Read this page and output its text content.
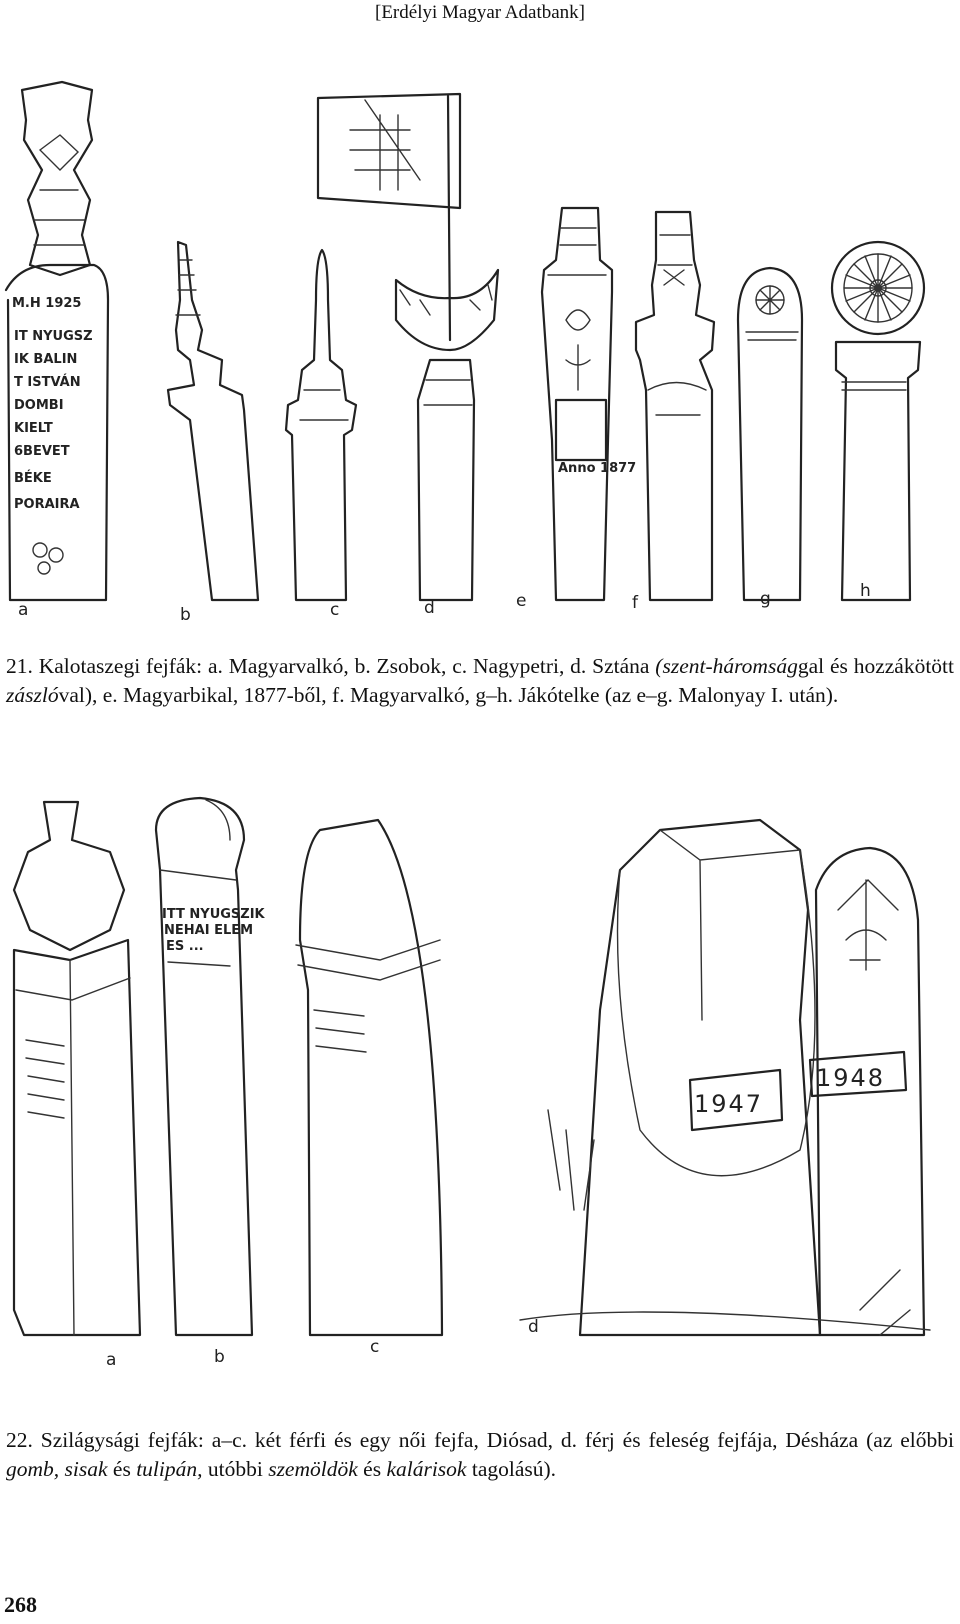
[Erdélyi Magyar Adatbank]
M.H 1925
IT NYUGSZ
IK BALIN
T ISTVÁN
DOMBI
KIELT
6BEVET
BÉKE
PORAIRA
a	b	c	d
Anno 1877
e	f	g	h
21. Kalotaszegi fejfák: a. Magyarvalkó, b. Zsobok, c. Nagypetri, d. Sztána (szent-háromsággal és hozzákötött zászlóval), e. Magyarbikal, 1877-ből, f. Magyarvalkó, g–h. Jákótelke (az e–g. Malonyay I. után).
a
ITT NYUGSZIK
NEHAI ELEM
ES ...
b	c
1947
1948
d
22. Szilágysági fejfák: a–c. két férfi és egy női fejfa, Diósad, d. férj és feleség fejfája, Désháza (az előbbi gomb, sisak és tulipán, utóbbi szemöldök és kalárisok tagolású).
268
